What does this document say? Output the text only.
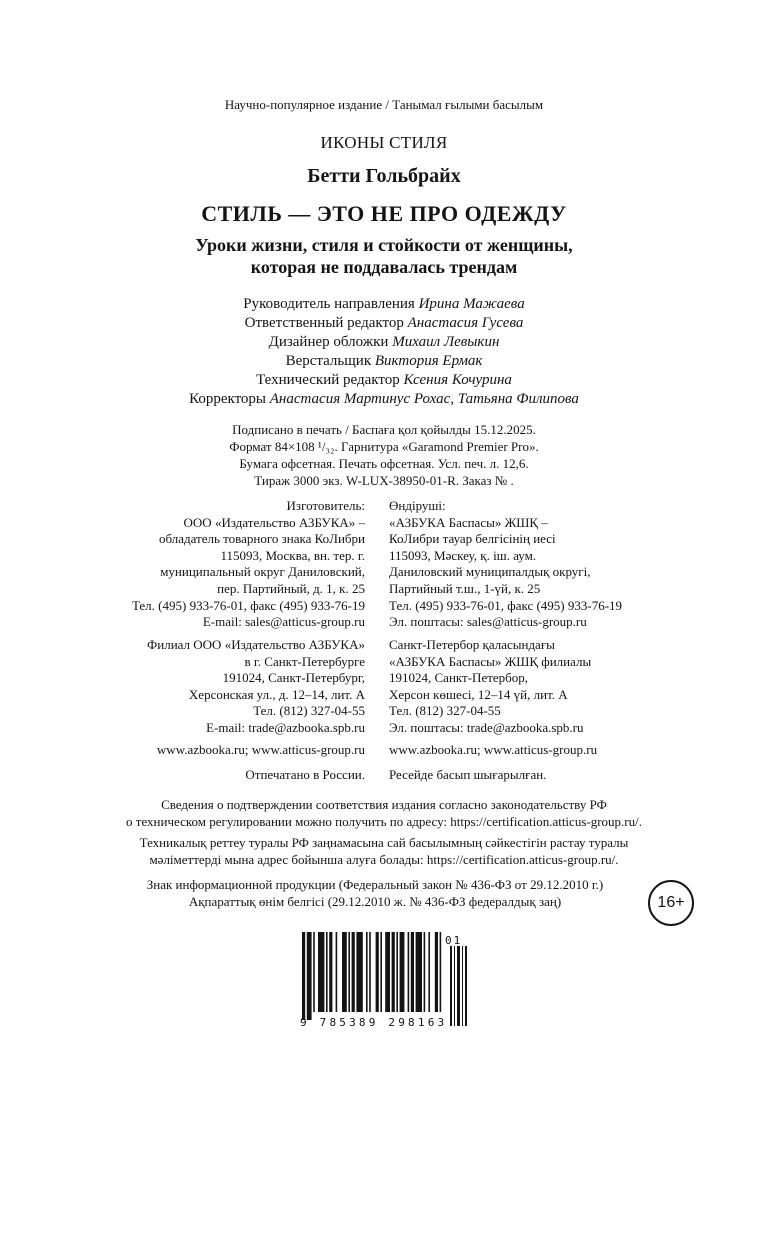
Научно-популярное издание / Танымал ғылыми басылым
ИКОНЫ СТИЛЯ
Бетти Гольбрайх
СТИЛЬ — ЭТО НЕ ПРО ОДЕЖДУ
Уроки жизни, стиля и стойкости от женщины,
которая не поддавалась трендам
Руководитель направления Ирина Мажаева
Ответственный редактор Анастасия Гусева
Дизайнер обложки Михаил Левыкин
Верстальщик Виктория Ермак
Технический редактор Ксения Кочурина
Корректоры Анастасия Мартинус Рохас, Татьяна Филипова
Подписано в печать / Баспаға қол қойылды 15.12.2025.
Формат 84×108 ¹/₃₂. Гарнитура «Garamond Premier Pro».
Бумага офсетная. Печать офсетная. Усл. печ. л. 12,6.
Тираж 3000 экз. W-LUX-38950-01-R. Заказ № .
Изготовитель:
ООО «Издательство АЗБУКА» –
обладатель товарного знака КоЛибри
115093, Москва, вн. тер. г.
муниципальный округ Даниловский,
пер. Партийный, д. 1, к. 25
Тел. (495) 933-76-01, факс (495) 933-76-19
E-mail: sales@atticus-group.ru
Өндіруші:
«АЗБУКА Баспасы» ЖШҚ –
КоЛибри тауар белгісінің иесі
115093, Мәскеу, қ. іш. аум.
Даниловский муниципалдық округі,
Партийный т.ш., 1-үй, к. 25
Тел. (495) 933-76-01, факс (495) 933-76-19
Эл. поштасы: sales@atticus-group.ru
Филиал ООО «Издательство АЗБУКА»
в г. Санкт-Петербурге
191024, Санкт-Петербург,
Херсонская ул., д. 12–14, лит. А
Тел. (812) 327-04-55
E-mail: trade@azbooka.spb.ru
Санкт-Петербор қаласындағы
«АЗБУКА Баспасы» ЖШҚ филиалы
191024, Санкт-Петербор,
Херсон көшесі, 12–14 үй, лит. А
Тел. (812) 327-04-55
Эл. поштасы: trade@azbooka.spb.ru
www.azbooka.ru; www.atticus-group.ru www.azbooka.ru; www.atticus-group.ru
Отпечатано в России. Ресейде басып шығарылған.
Сведения о подтверждении соответствия издания согласно законодательству РФ
о техническом регулировании можно получить по адресу: https://certification.atticus-group.ru/.
Техникалық реттеу туралы РФ заңнамасына сай басылымның сәйкестігін растау туралы
мәліметтерді мына адрес бойынша алуға болады: https://certification.atticus-group.ru/.
Знак информационной продукции (Федеральный закон № 436-ФЗ от 29.12.2010 г.)
Ақпараттық өнім белгісі (29.12.2010 ж. № 436-ФЗ федералдық заң)	16+
9 785389 298163
01
